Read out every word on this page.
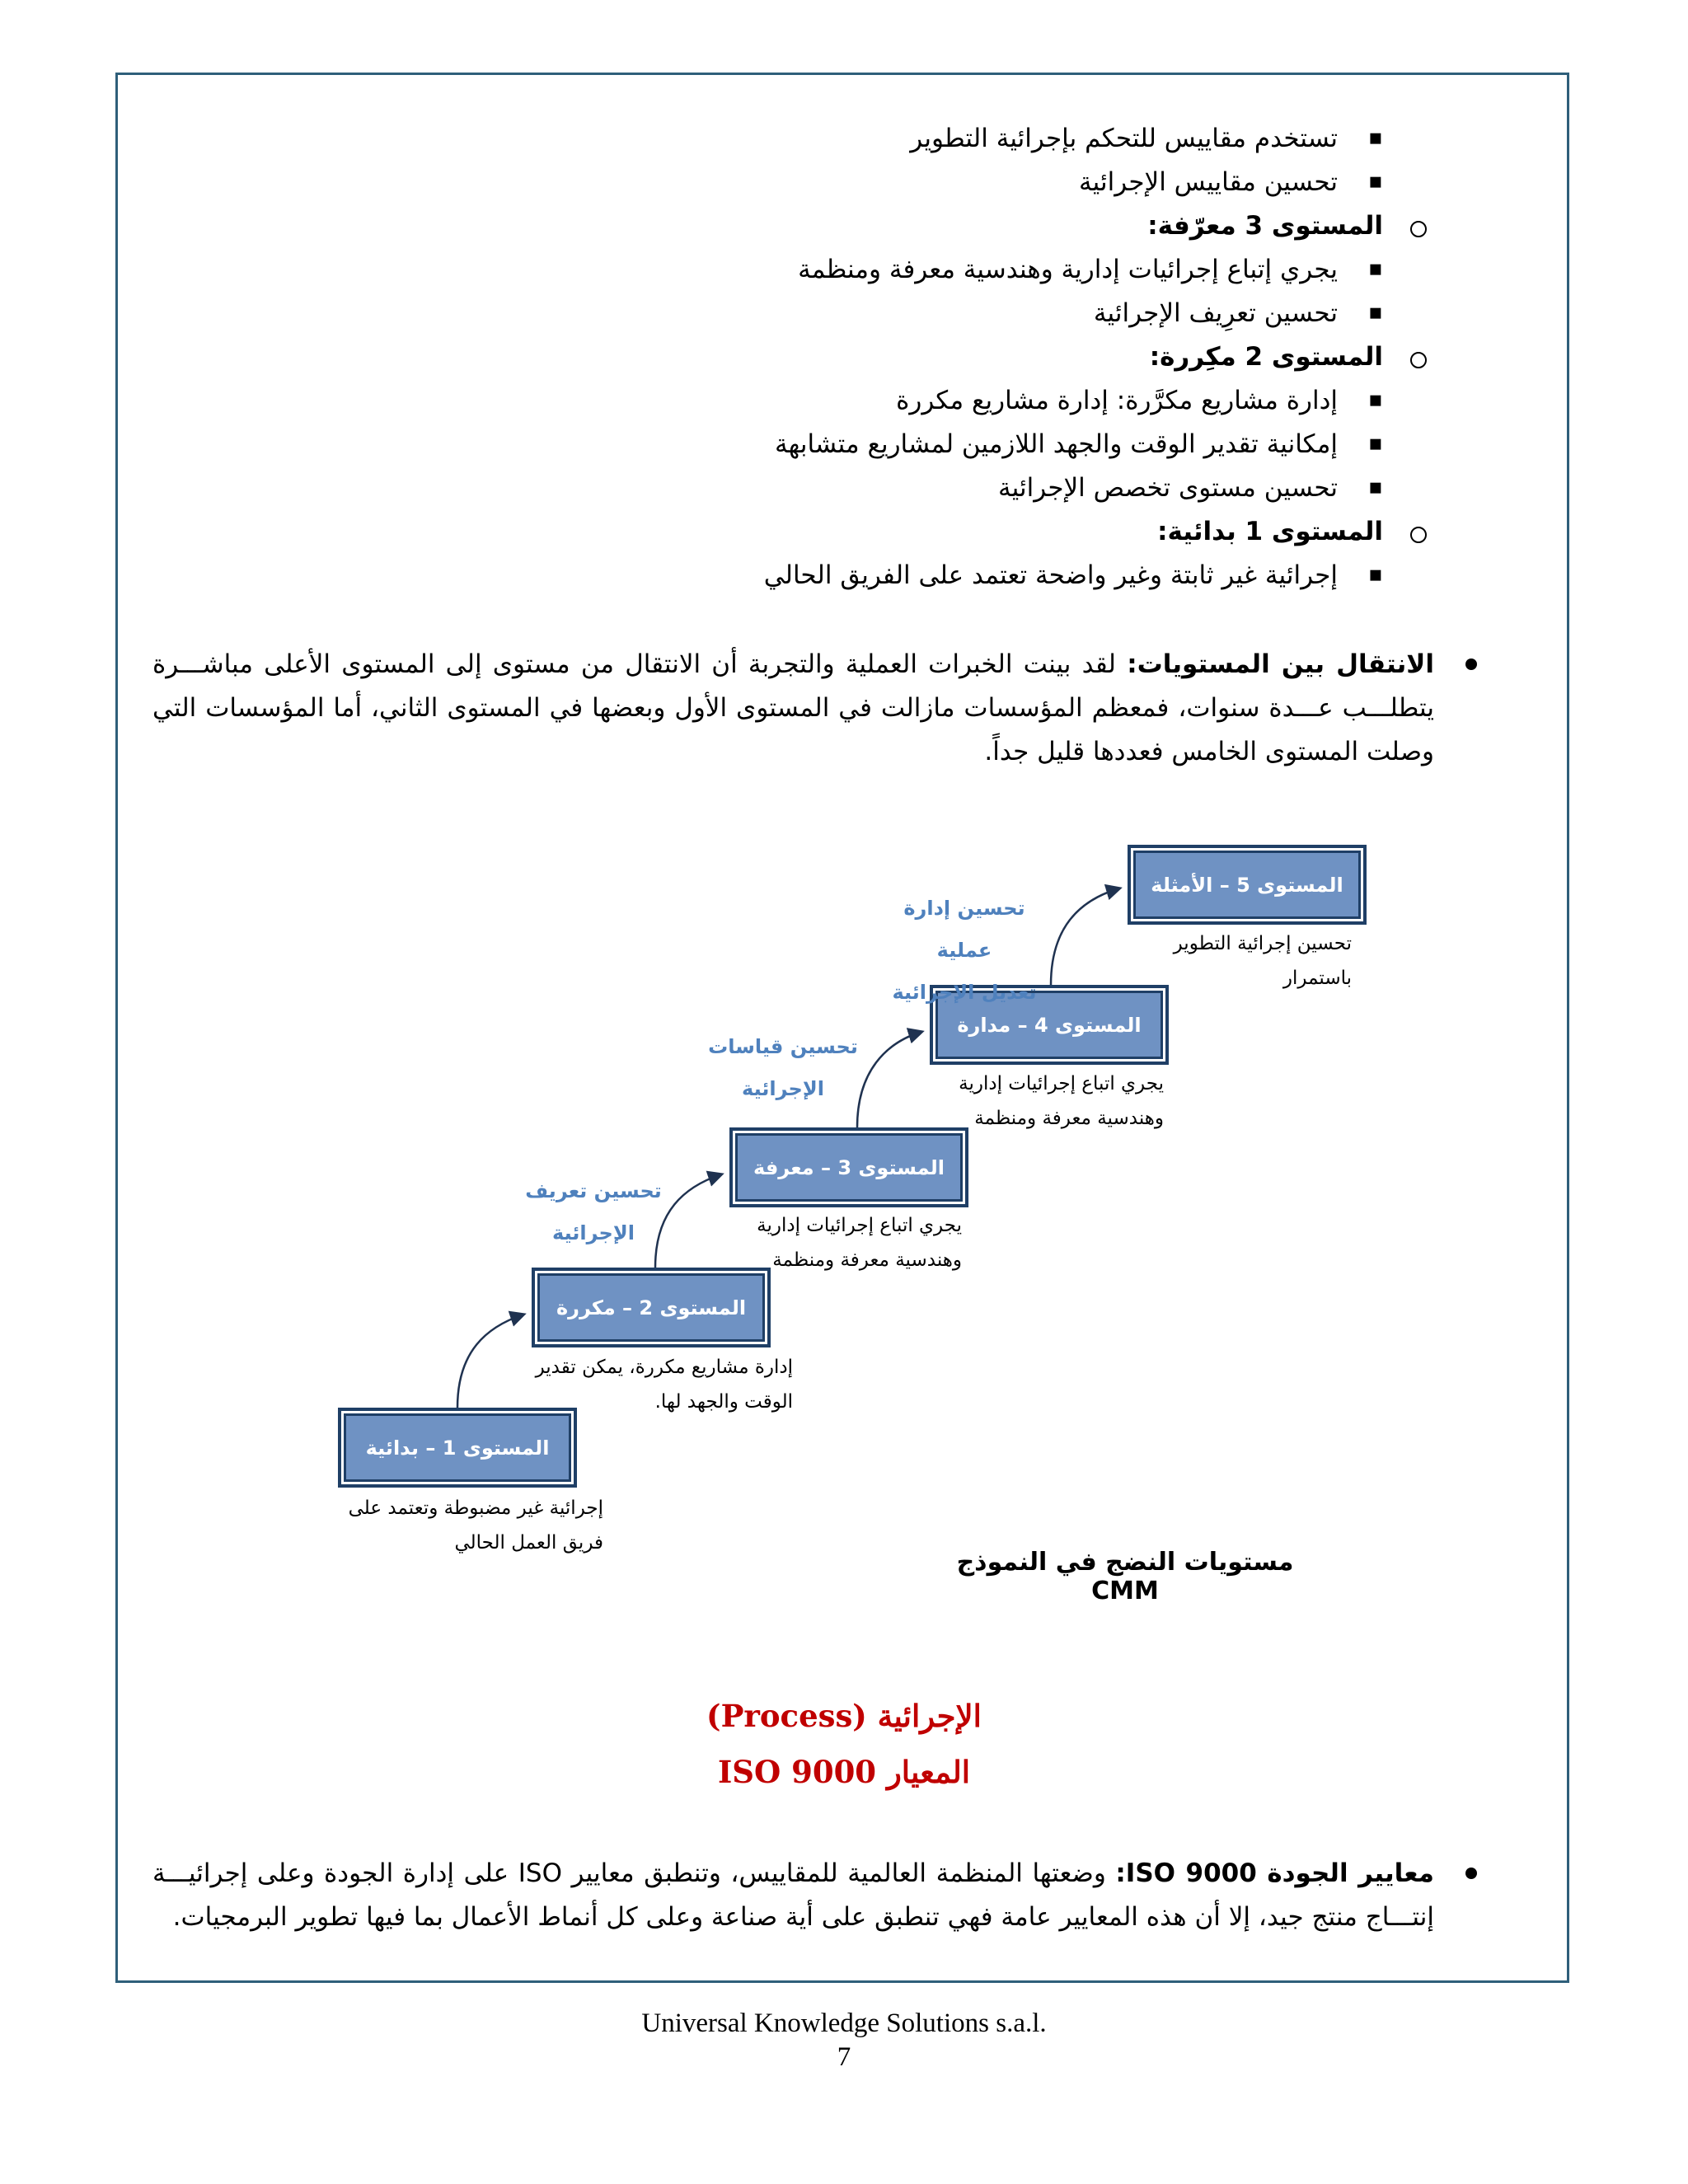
تستخدم مقاييس للتحكم بإجرائية التطوير ▪
تحسين مقاييس الإجرائية ▪
المستوى 3 معرّفة:
يجري إتباع إجرائيات إدارية وهندسية معرفة ومنظمة ▪
تحسين تعرِيف الإجرائية ▪
المستوى 2 مكِررة:
إدارة مشاريع مكرَّرة: إدارة مشاريع مكررة ▪
إمكانية تقدير الوقت والجهد اللازمين لمشاريع متشابهة ▪
تحسين مستوى تخصص الإجرائية ▪
المستوى 1 بدائية:
إجرائية غير ثابتة وغير واضحة تعتمد على الفريق الحالي ▪
الانتقال بين المستويات: لقد بينت الخبرات العملية والتجربة أن الانتقال من مستوى إلى المستوى الأعلى مباشـــرة يتطلـــب عـــدة سنوات، فمعظم المؤسسات مازالت في المستوى الأول وبعضها في المستوى الثاني، أما المؤسسات التي وصلت المستوى الخامس فعددها قليل جداً.
المستوى 1 – بدائية
إجرائية غير مضبوطة وتعتمد على
فريق العمل الحالي
المستوى 2 – مكررة
إدارة مشاريع مكررة، يمكن تقدير
الوقت والجهد لها.
المستوى 3 – معرفة
يجري اتباع إجرائيات إدارية
وهندسية معرفة ومنظمة
المستوى 4 – مدارة
يجري اتباع إجرائيات إدارية
وهندسية معرفة ومنظمة
المستوى 5 – الأمثلة
تحسين إجرائية التطوير
باستمرار
تحسين تعريف
الإجرائية
تحسين قياسات
الإجرائية
تحسين إدارة عملية
تعديل الإجرائية
مستويات النضج في النموذج CMM
الإجرائية (Process)
المعيار ISO 9000
معايير الجودة ISO 9000: وضعتها المنظمة العالمية للمقاييس، وتنطبق معايير ISO على إدارة الجودة وعلى إجرائيـــة إنتـــاج منتج جيد، إلا أن هذه المعايير عامة فهي تنطبق على أية صناعة وعلى كل أنماط الأعمال بما فيها تطوير البرمجيات.
Universal Knowledge Solutions s.a.l.
7
